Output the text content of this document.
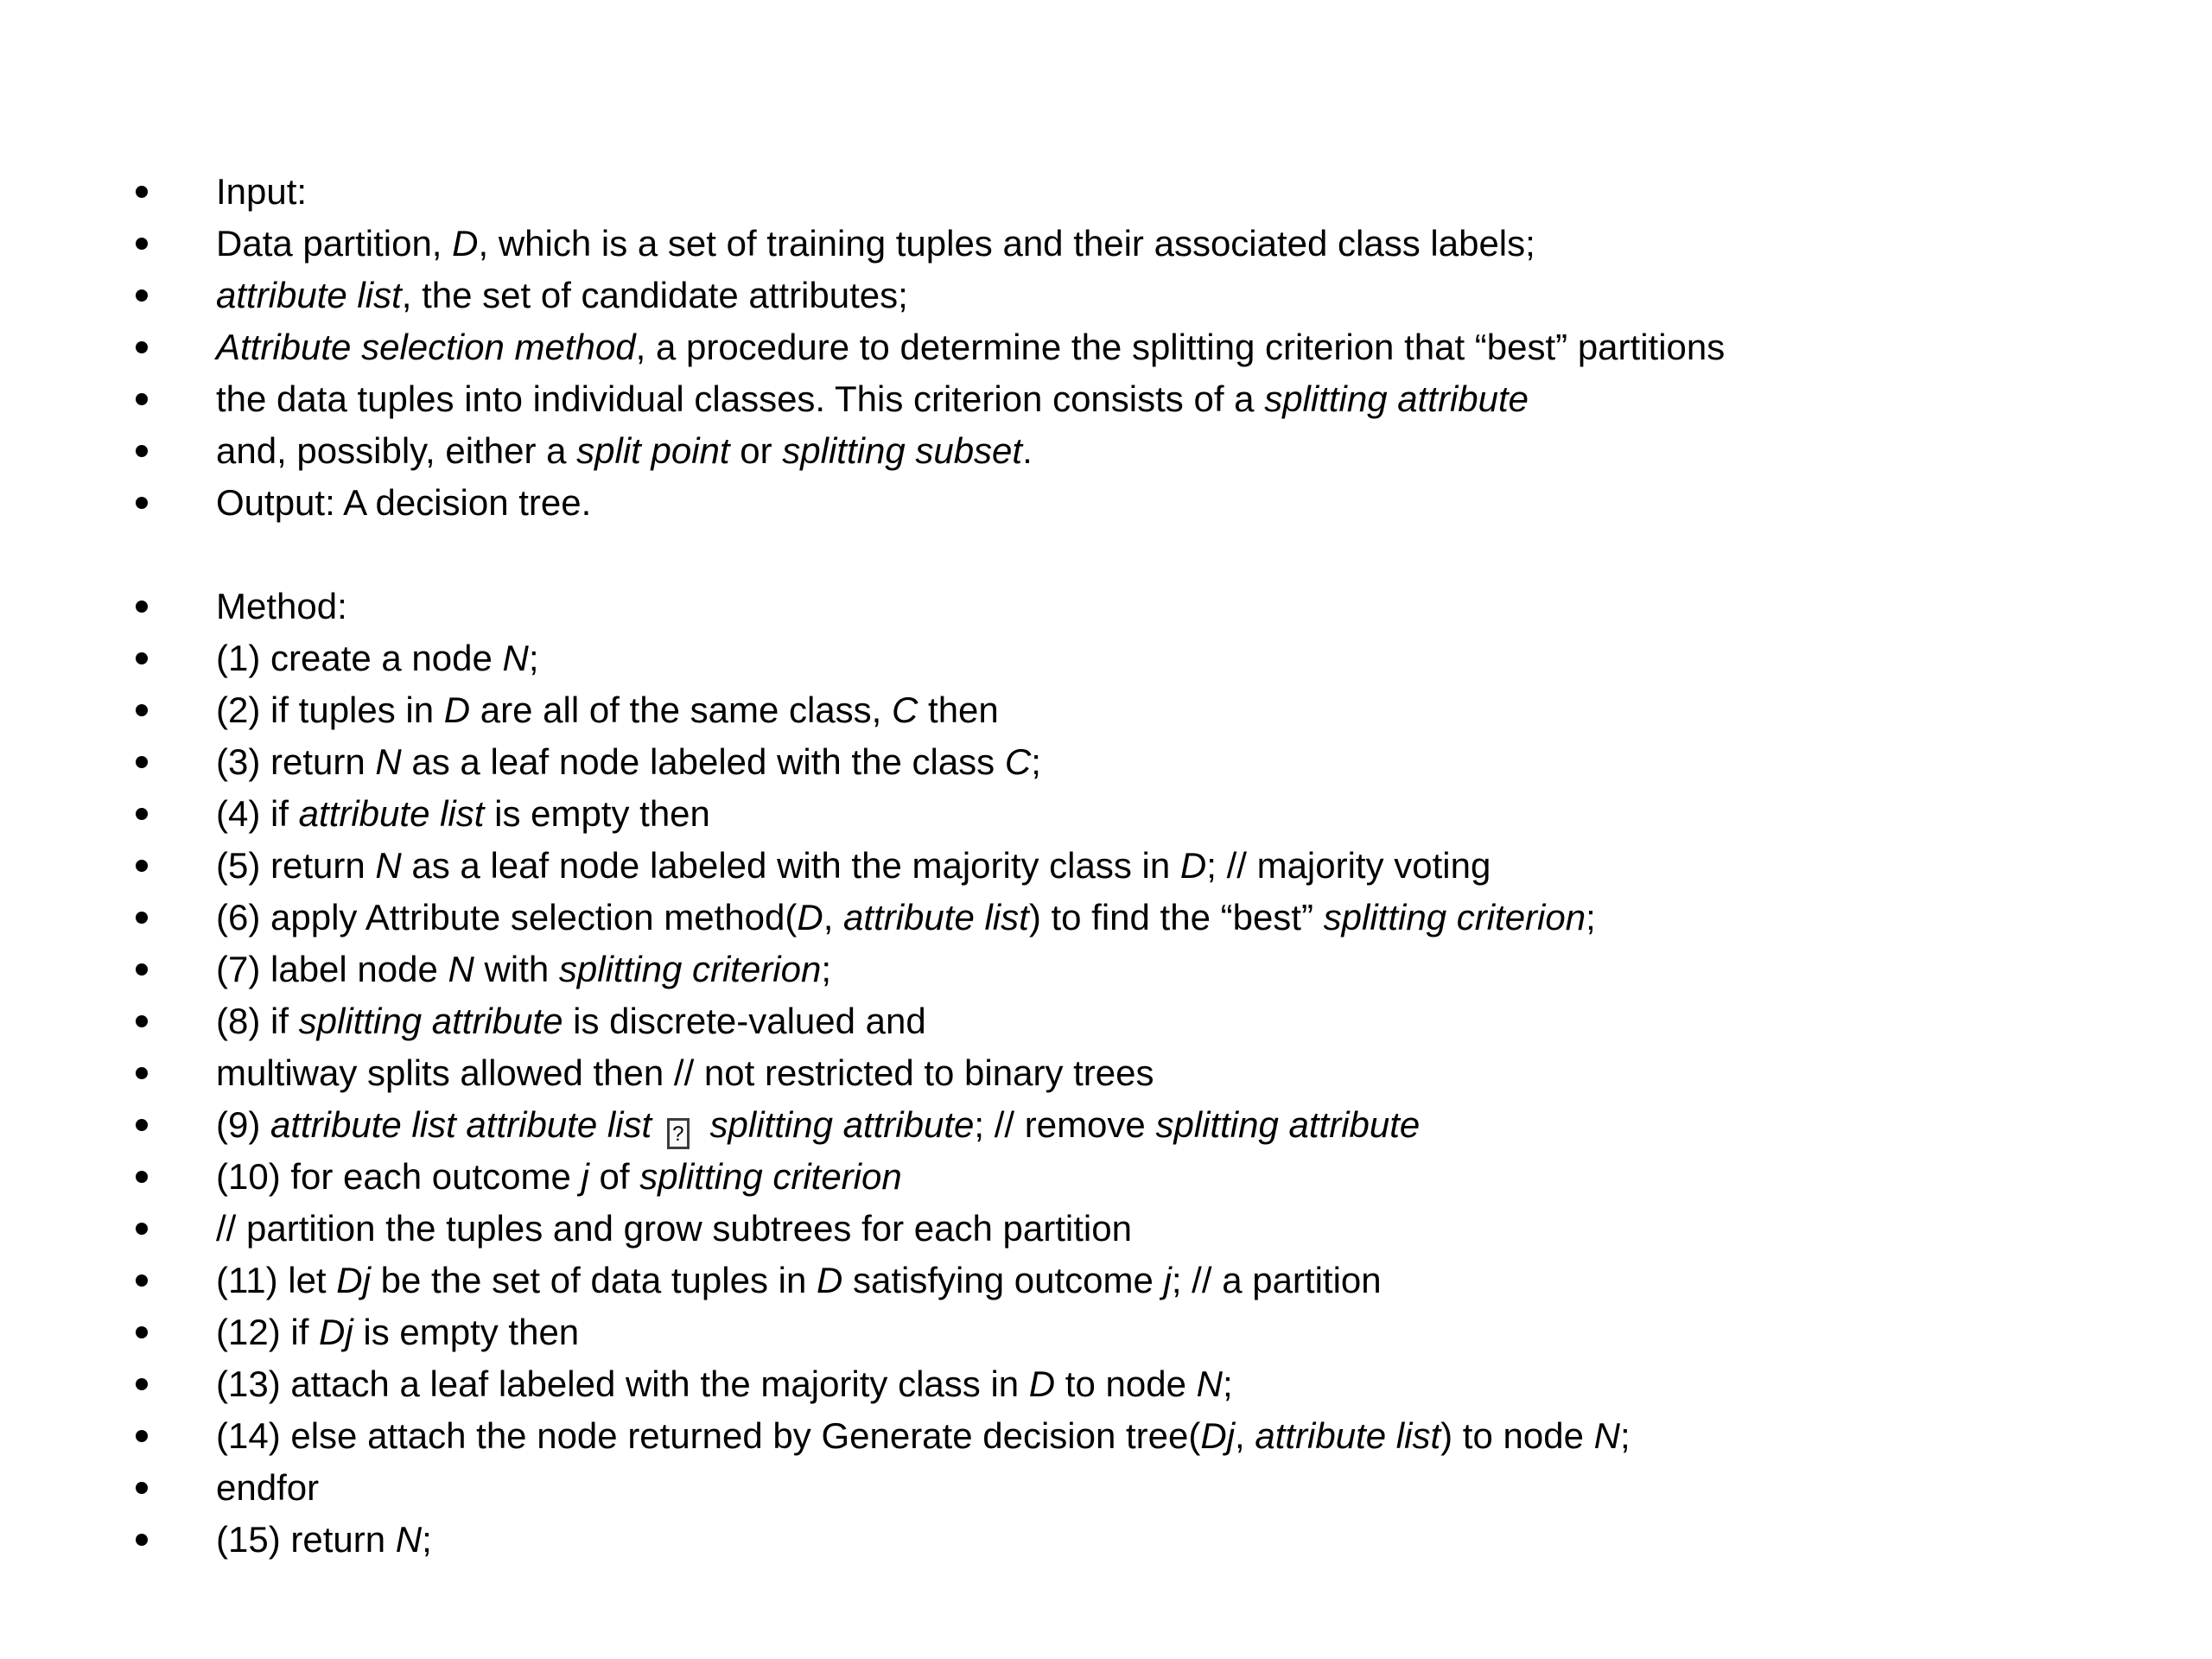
Input:
Data partition, D, which is a set of training tuples and their associated class labels;
attribute list, the set of candidate attributes;
Attribute selection method, a procedure to determine the splitting criterion that “best” partitions
the data tuples into individual classes. This criterion consists of a splitting attribute
and, possibly, either a split point or splitting subset.
Output: A decision tree.
Method:
(1) create a node N;
(2) if tuples in D are all of the same class, C then
(3) return N as a leaf node labeled with the class C;
(4) if attribute list is empty then
(5) return N as a leaf node labeled with the majority class in D; // majority voting
(6) apply Attribute selection method(D, attribute list) to find the “best” splitting criterion;
(7) label node N with splitting criterion;
(8) if splitting attribute is discrete-valued and
multiway splits allowed then // not restricted to binary trees
(9) attribute list attribute list ? splitting attribute; // remove splitting attribute
(10) for each outcome j of splitting criterion
// partition the tuples and grow subtrees for each partition
(11) let Dj be the set of data tuples in D satisfying outcome j; // a partition
(12) if Dj is empty then
(13) attach a leaf labeled with the majority class in D to node N;
(14) else attach the node returned by Generate decision tree(Dj, attribute list) to node N;
endfor
(15) return N;
